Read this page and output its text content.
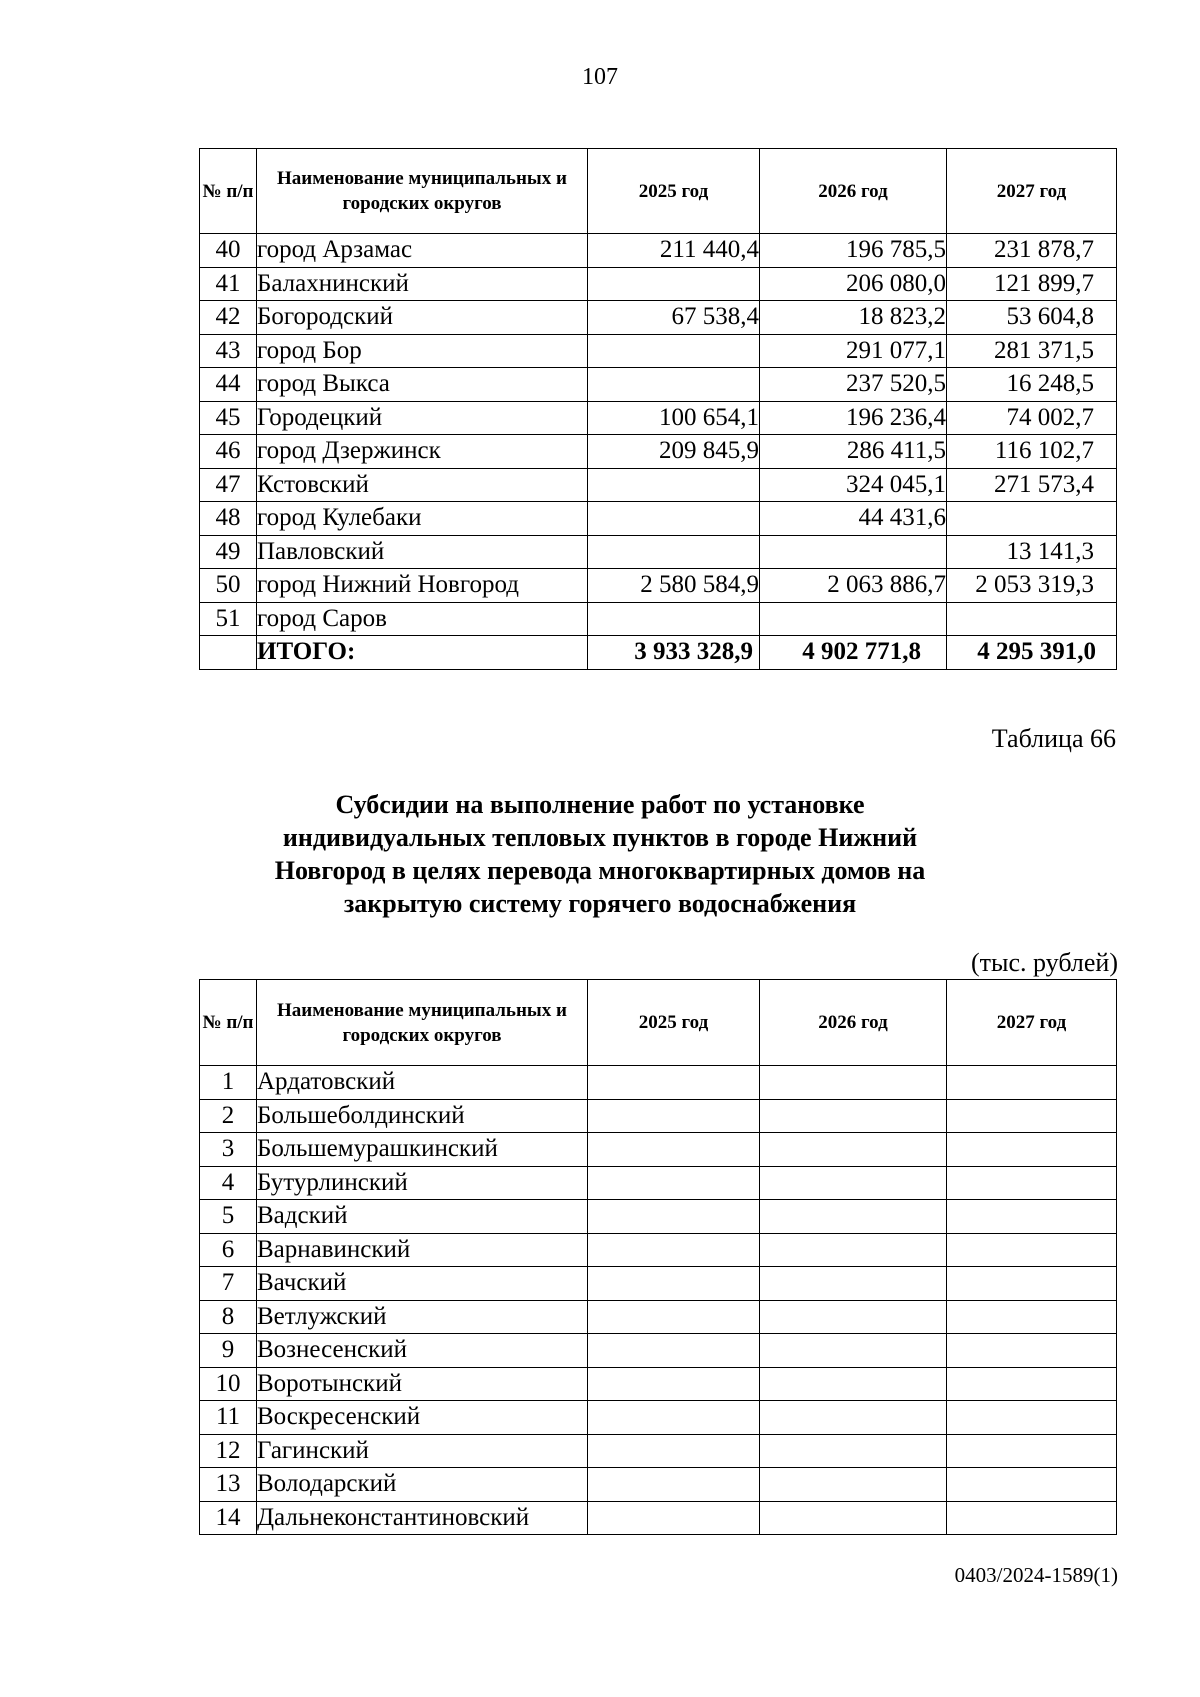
107
№ п/п	Наименование муниципальных и городских округов	2025 год	2026 год	2027 год
40	город Арзамас	211 440,4	196 785,5	231 878,7
41	Балахнинский		206 080,0	121 899,7
42	Богородский	67 538,4	18 823,2	53 604,8
43	город Бор		291 077,1	281 371,5
44	город Выкса		237 520,5	16 248,5
45	Городецкий	100 654,1	196 236,4	74 002,7
46	город Дзержинск	209 845,9	286 411,5	116 102,7
47	Кстовский		324 045,1	271 573,4
48	город Кулебаки		44 431,6	
49	Павловский			13 141,3
50	город Нижний Новгород	2 580 584,9	2 063 886,7	2 053 319,3
51	город Саров			
	ИТОГО:	3 933 328,9	4 902 771,8	4 295 391,0
Таблица 66
Субсидии на выполнение работ по установке индивидуальных тепловых пунктов в городе Нижний Новгород в целях перевода многоквартирных домов на закрытую систему горячего водоснабжения
(тыс. рублей)
№ п/п	Наименование муниципальных и городских округов	2025 год	2026 год	2027 год
1	Ардатовский			
2	Большеболдинский			
3	Большемурашкинский			
4	Бутурлинский			
5	Вадский			
6	Варнавинский			
7	Вачский			
8	Ветлужский			
9	Вознесенский			
10	Воротынский			
11	Воскресенский			
12	Гагинский			
13	Володарский			
14	Дальнеконстантиновский			
0403/2024-1589(1)
